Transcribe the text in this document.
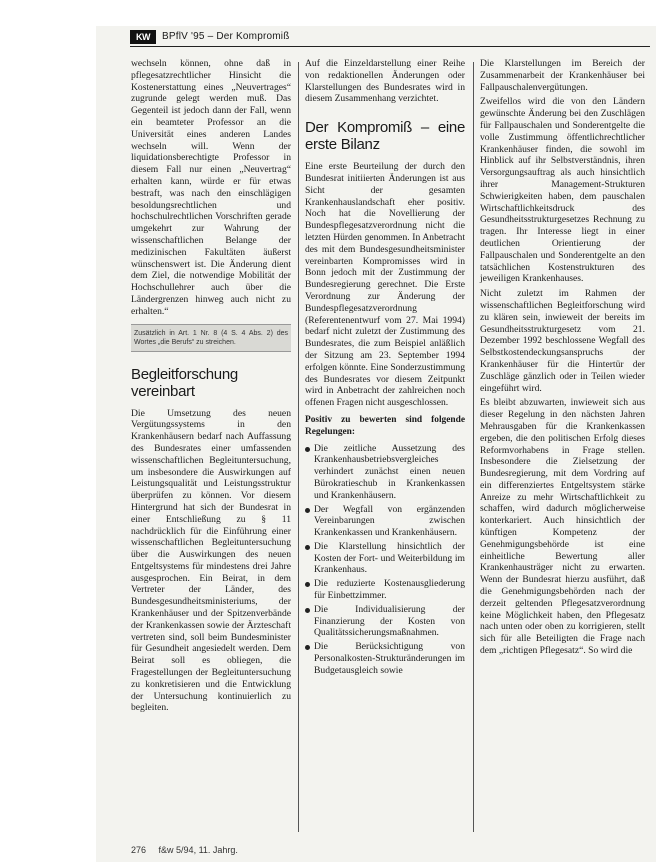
KW	BPflV '95 – Der Kompromiß

wechseln können, ohne daß in pflegesatzrechtlicher Hinsicht die Kostenerstattung eines „Neuvertrages“ zugrunde gelegt werden muß. Das Gegenteil ist jedoch dann der Fall, wenn ein beamteter Professor an die Universität eines anderen Landes wechseln will. Wenn der liquidationsberechtigte Professor in diesem Fall nur einen „Neuvertrag“ erhalten kann, würde er für etwas bestraft, was nach den einschlägigen besoldungsrechtlichen und hochschulrechtlichen Vorschriften gerade umgekehrt zur Wahrung der wissenschaftlichen Belange der medizinischen Fakultäten äußerst wünschenswert ist. Die Änderung dient dem Ziel, die notwendige Mobilität der Hochschullehrer auch über die Ländergrenzen hinweg auch nicht zu erhalten.“

Zusätzlich in Art. 1 Nr. 8 (4 S. 4 Abs. 2) des Wortes „die Berufs“ zu streichen.
Begleitforschung vereinbart

Die Umsetzung des neuen Vergütungssystems in den Krankenhäusern bedarf nach Auffassung des Bundesrates einer umfassenden wissenschaftlichen Begleituntersuchung, um insbesondere die Auswirkungen auf Leistungsqualität und Leistungsstruktur überprüfen zu können. Vor diesem Hintergrund hat sich der Bundesrat in einer Entschließung zu § 11 nachdrücklich für die Einführung einer wissenschaftlichen Begleituntersuchung über die Auswirkungen des neuen Entgeltsystems für mindestens drei Jahre ausgesprochen. Ein Beirat, in dem Vertreter der Länder, des Bundesgesundheitsministeriums, der Krankenhäuser und der Spitzenverbände der Krankenkassen sowie der Ärzteschaft vertreten sind, soll beim Bundesminister für Gesundheit angesiedelt werden. Dem Beirat soll es obliegen, die Fragestellungen der Begleituntersuchung zu konkretisieren und die Entwicklung der Untersuchung kontinuierlich zu begleiten.

Auf die Einzeldarstellung einer Reihe von redaktionellen Änderungen oder Klarstellungen des Bundesrates wird in diesem Zusammenhang verzichtet.

Der Kompromiß – eine erste Bilanz

Eine erste Beurteilung der durch den Bundesrat initiierten Änderungen ist aus Sicht der gesamten Krankenhauslandschaft eher positiv. Noch hat die Novellierung der Bundespflegesatzverordnung nicht die letzten Hürden genommen. In Anbetracht des mit dem Bundesgesundheitsminister vereinbarten Kompromisses wird in Bonn jedoch mit der Zustimmung der Bundesregierung gerechnet. Die Erste Verordnung zur Änderung der Bundespflegesatzverordnung (Referentenentwurf vom 27. Mai 1994) bedarf nicht zuletzt der Zustimmung des Bundesrates, die zum Beispiel anläßlich der Sitzung am 23. September 1994 erfolgen könnte. Eine Sonderzustimmung des Bundesrates vor diesem Zeitpunkt wird in Anbetracht der zahlreichen noch offenen Fragen nicht ausgeschlossen.

Positiv zu bewerten sind folgende Regelungen:
Die zeitliche Aussetzung des Krankenhausbetriebsvergleiches verhindert zunächst einen neuen Bürokratieschub in Krankenkassen und Krankenhäusern.
Der Wegfall von ergänzenden Vereinbarungen zwischen Krankenkassen und Krankenhäusern.
Die Klarstellung hinsichtlich der Kosten der Fort- und Weiterbildung im Krankenhaus.
Die reduzierte Kostenausgliederung für Einbettzimmer.
Die Individualisierung der Finanzierung der Kosten von Qualitätssicherungsmaßnahmen.
Die Berücksichtigung von Personalkosten-Strukturänderungen im Budgetausgleich sowie

Die Klarstellungen im Bereich der Zusammenarbeit der Krankenhäuser bei Fallpauschalenvergütungen.

Zweifellos wird die von den Ländern gewünschte Änderung bei den Zuschlägen für Fallpauschalen und Sonderentgelte die volle Zustimmung öffentlichrechtlicher Krankenhäuser finden, die sowohl im Hinblick auf ihr Selbstverständnis, ihren Versorgungsauftrag als auch hinsichtlich ihrer Management-Strukturen Schwierigkeiten haben, dem pauschalen Wirtschaftlichkeitsdruck des Gesundheitsstrukturgesetzes Rechnung zu tragen. Ihr Interesse liegt in einer deutlichen Orientierung der Fallpauschalen und Sonderentgelte an den tatsächlichen Kostenstrukturen des jeweiligen Krankenhauses.

Nicht zuletzt im Rahmen der wissenschaftlichen Begleitforschung wird zu klären sein, inwieweit der bereits im Gesundheitsstrukturgesetz vom 21. Dezember 1992 beschlossene Wegfall des Selbstkostendeckungsanspruchs der Krankenhäuser für die Hintertür der Zuschläge gänzlich oder in Teilen wieder eingeführt wird.

Es bleibt abzuwarten, inwieweit sich aus dieser Regelung in den nächsten Jahren Mehrausgaben für die Krankenkassen ergeben, die den politischen Erfolg dieses Reformvorhabens in Frage stellen. Insbesondere die Zielsetzung der Bundesregierung, mit dem Vordring auf ein differenziertes Entgeltsystem stärke Anreize zu mehr Wirtschaftlichkeit zu schaffen, wird dadurch möglicherweise konterkariert. Auch hinsichtlich der künftigen Kompetenz der Genehmigungsbehörde ist eine einheitliche Bewertung aller Krankenhausträger nicht zu erwarten. Wenn der Bundesrat hierzu ausführt, daß die Genehmigungsbehörden nach der derzeit geltenden Pflegesatzverordnung keine Möglichkeit haben, den Pflegesatz nach unten oder oben zu korrigieren, stellt sich für alle Beteiligten die Frage nach dem „richtigen Pflegesatz“. So wird die

276 f&w 5/94, 11. Jahrg.
